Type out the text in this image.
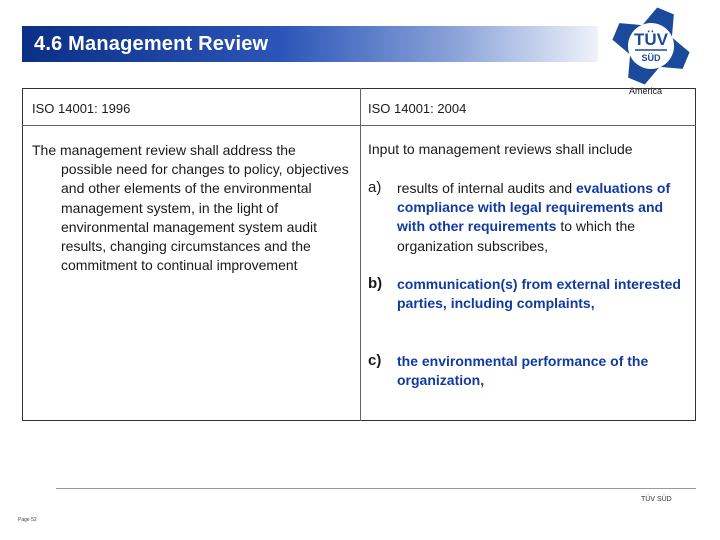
4.6 Management Review	TÜV
SÜD
America
ISO 14001: 1996	ISO 14001: 2004
The management review shall address the possible need for changes to policy, objectives and other elements of the environmental management system, in the light of environmental management system audit results, changing circumstances and the commitment to continual improvement
Input to management reviews shall include
a) results of internal audits and evaluations of compliance with legal requirements and with other requirements to which the organization subscribes,
b) communication(s) from external interested parties, including complaints,
c) the environmental performance of the organization,
TÜV SÜD
Page 52
